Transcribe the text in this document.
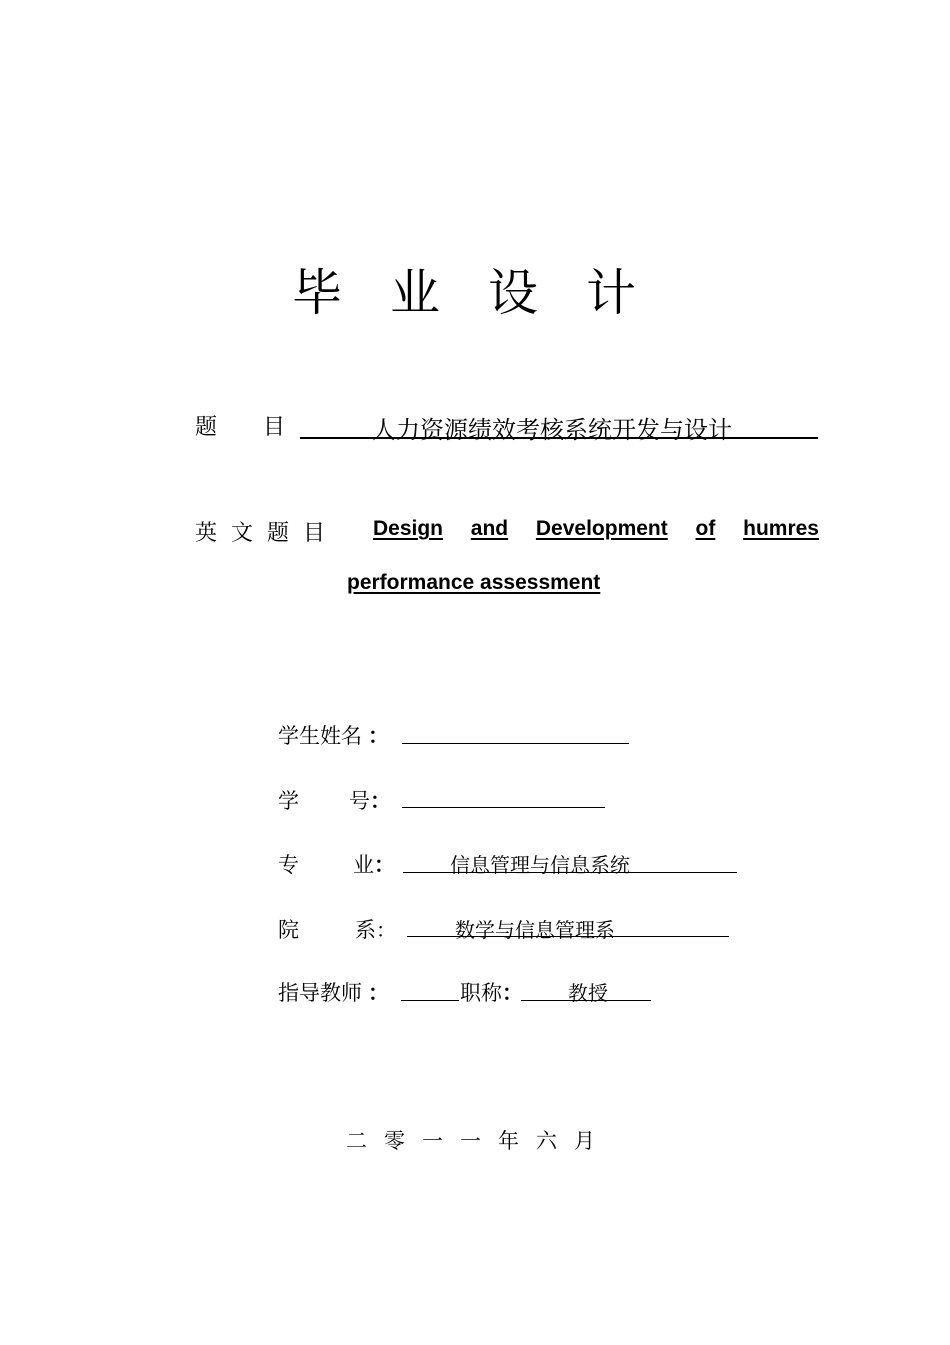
毕业设计
题 目	人力资源绩效考核系统开发与设计
英文题目	Design and Development of humres
performance assessment
学生姓名 ：
学 号 ：
专	业 ：	信息管理与信息系统
院	系 ：	数学与信息管理系
指导教师 ：	职称： 教授
二零一一年六月
